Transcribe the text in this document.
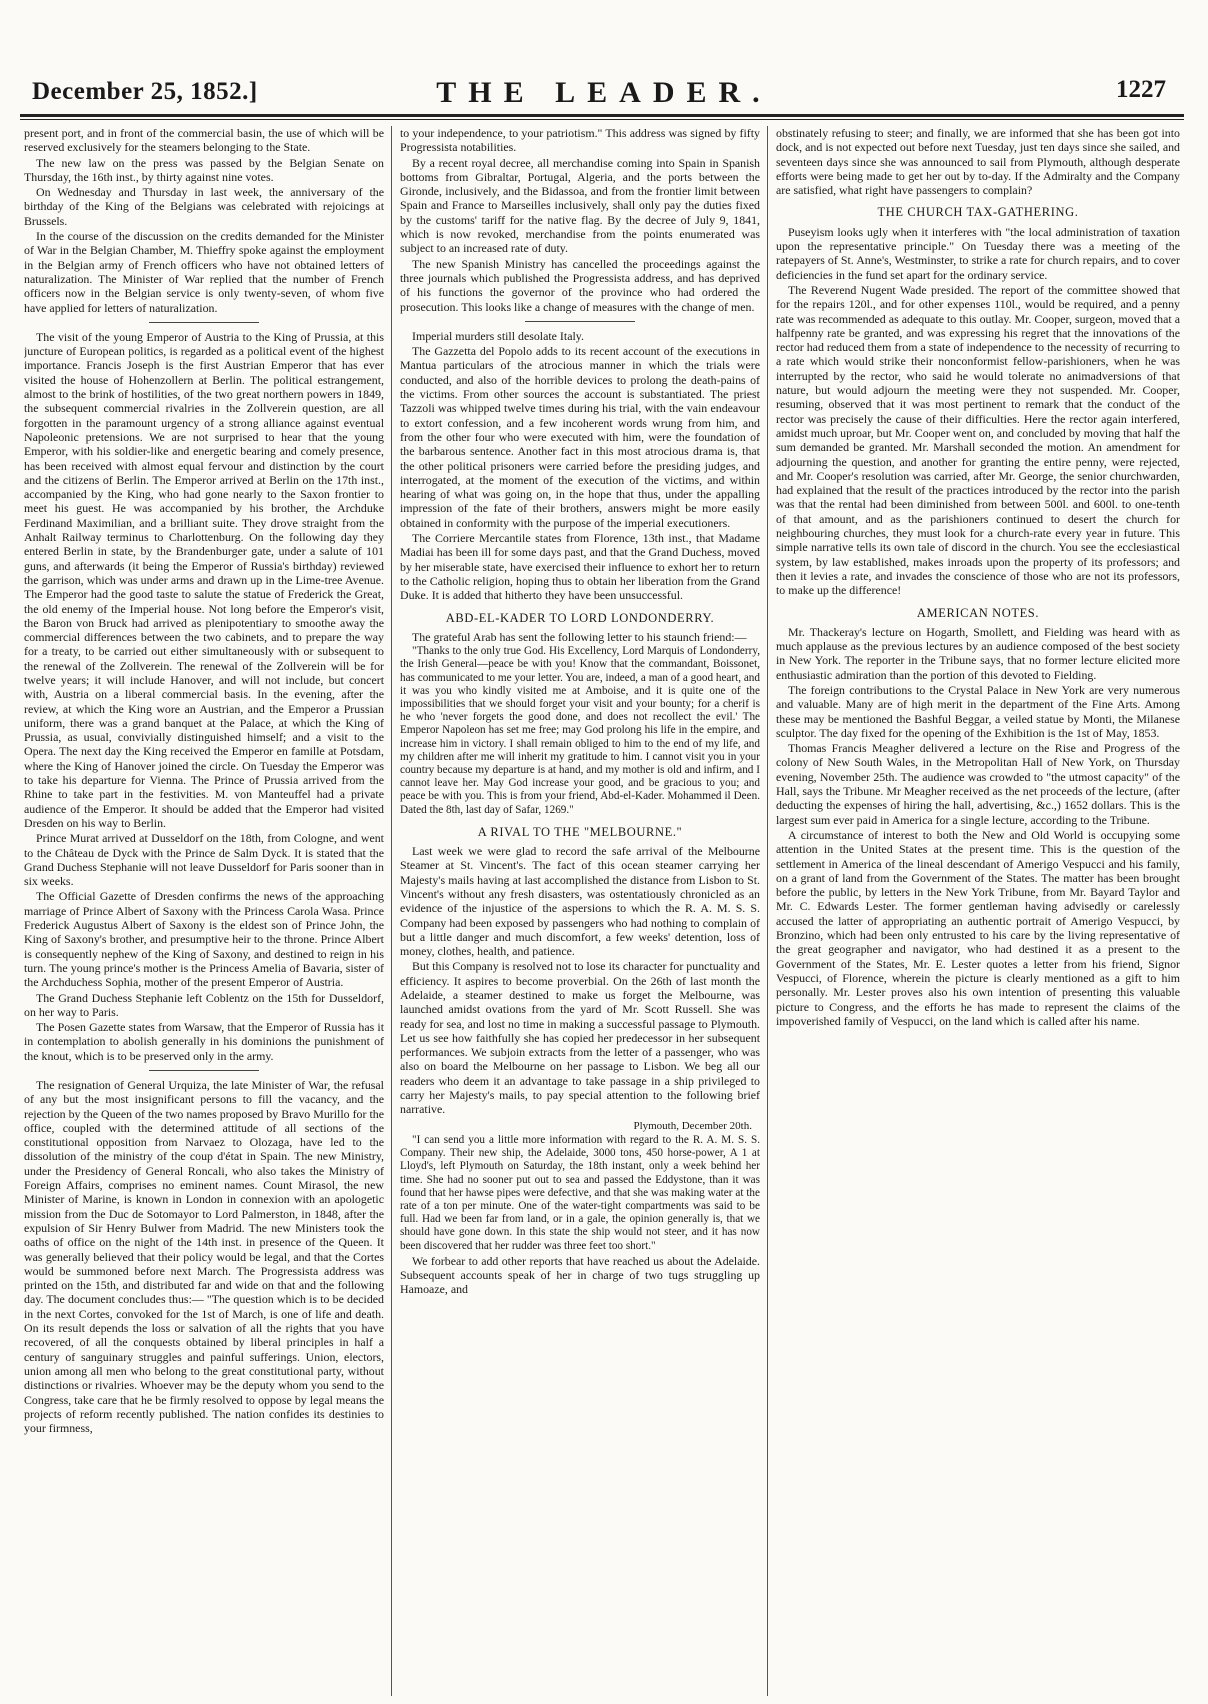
December 25, 1852.]	THE LEADER.	1227

present port, and in front of the commercial basin, the use of which will be reserved exclusively for the steamers belonging to the State.

The new law on the press was passed by the Belgian Senate on Thursday, the 16th inst., by thirty against nine votes.

On Wednesday and Thursday in last week, the anniversary of the birthday of the King of the Belgians was celebrated with rejoicings at Brussels.

In the course of the discussion on the credits demanded for the Minister of War in the Belgian Chamber, M. Thieffry spoke against the employment in the Belgian army of French officers who have not obtained letters of naturalization. The Minister of War replied that the number of French officers now in the Belgian service is only twenty-seven, of whom five have applied for letters of naturalization.

The visit of the young Emperor of Austria to the King of Prussia, at this juncture of European politics, is regarded as a political event of the highest importance. Francis Joseph is the first Austrian Emperor that has ever visited the house of Hohenzollern at Berlin. The political estrangement, almost to the brink of hostilities, of the two great northern powers in 1849, the subsequent commercial rivalries in the Zollverein question, are all forgotten in the paramount urgency of a strong alliance against eventual Napoleonic pretensions. We are not surprised to hear that the young Emperor, with his soldier-like and energetic bearing and comely presence, has been received with almost equal fervour and distinction by the court and the citizens of Berlin. The Emperor arrived at Berlin on the 17th inst., accompanied by the King, who had gone nearly to the Saxon frontier to meet his guest. He was accompanied by his brother, the Archduke Ferdinand Maximilian, and a brilliant suite. They drove straight from the Anhalt Railway terminus to Charlottenburg. On the following day they entered Berlin in state, by the Brandenburger gate, under a salute of 101 guns, and afterwards (it being the Emperor of Russia's birthday) reviewed the garrison, which was under arms and drawn up in the Lime-tree Avenue. The Emperor had the good taste to salute the statue of Frederick the Great, the old enemy of the Imperial house. Not long before the Emperor's visit, the Baron von Bruck had arrived as plenipotentiary to smoothe away the commercial differences between the two cabinets, and to prepare the way for a treaty, to be carried out either simultaneously with or subsequent to the renewal of the Zollverein. The renewal of the Zollverein will be for twelve years; it will include Hanover, and will not include, but concert with, Austria on a liberal commercial basis. In the evening, after the review, at which the King wore an Austrian, and the Emperor a Prussian uniform, there was a grand banquet at the Palace, at which the King of Prussia, as usual, convivially distinguished himself; and a visit to the Opera. The next day the King received the Emperor en famille at Potsdam, where the King of Hanover joined the circle. On Tuesday the Emperor was to take his departure for Vienna. The Prince of Prussia arrived from the Rhine to take part in the festivities. M. von Manteuffel had a private audience of the Emperor. It should be added that the Emperor had visited Dresden on his way to Berlin.

Prince Murat arrived at Dusseldorf on the 18th, from Cologne, and went to the Château de Dyck with the Prince de Salm Dyck. It is stated that the Grand Duchess Stephanie will not leave Dusseldorf for Paris sooner than in six weeks.

The Official Gazette of Dresden confirms the news of the approaching marriage of Prince Albert of Saxony with the Princess Carola Wasa. Prince Frederick Augustus Albert of Saxony is the eldest son of Prince John, the King of Saxony's brother, and presumptive heir to the throne. Prince Albert is consequently nephew of the King of Saxony, and destined to reign in his turn. The young prince's mother is the Princess Amelia of Bavaria, sister of the Archduchess Sophia, mother of the present Emperor of Austria.

The Grand Duchess Stephanie left Coblentz on the 15th for Dusseldorf, on her way to Paris.

The Posen Gazette states from Warsaw, that the Emperor of Russia has it in contemplation to abolish generally in his dominions the punishment of the knout, which is to be preserved only in the army.

The resignation of General Urquiza, the late Minister of War, the refusal of any but the most insignificant persons to fill the vacancy, and the rejection by the Queen of the two names proposed by Bravo Murillo for the office, coupled with the determined attitude of all sections of the constitutional opposition from Narvaez to Olozaga, have led to the dissolution of the ministry of the coup d'état in Spain. The new Ministry, under the Presidency of General Roncali, who also takes the Ministry of Foreign Affairs, comprises no eminent names. Count Mirasol, the new Minister of Marine, is known in London in connexion with an apologetic mission from the Duc de Sotomayor to Lord Palmerston, in 1848, after the expulsion of Sir Henry Bulwer from Madrid. The new Ministers took the oaths of office on the night of the 14th inst. in presence of the Queen. It was generally believed that their policy would be legal, and that the Cortes would be summoned before next March. The Progressista address was printed on the 15th, and distributed far and wide on that and the following day. The document concludes thus:— "The question which is to be decided in the next Cortes, convoked for the 1st of March, is one of life and death. On its result depends the loss or salvation of all the rights that you have recovered, of all the conquests obtained by liberal principles in half a century of sanguinary struggles and painful sufferings. Union, electors, union among all men who belong to the great constitutional party, without distinctions or rivalries. Whoever may be the deputy whom you send to the Congress, take care that he be firmly resolved to oppose by legal means the projects of reform recently published. The nation confides its destinies to your firmness,

to your independence, to your patriotism." This address was signed by fifty Progressista notabilities.

By a recent royal decree, all merchandise coming into Spain in Spanish bottoms from Gibraltar, Portugal, Algeria, and the ports between the Gironde, inclusively, and the Bidassoa, and from the frontier limit between Spain and France to Marseilles inclusively, shall only pay the duties fixed by the customs' tariff for the native flag. By the decree of July 9, 1841, which is now revoked, merchandise from the points enumerated was subject to an increased rate of duty.

The new Spanish Ministry has cancelled the proceedings against the three journals which published the Progressista address, and has deprived of his functions the governor of the province who had ordered the prosecution. This looks like a change of measures with the change of men.

Imperial murders still desolate Italy.

The Gazzetta del Popolo adds to its recent account of the executions in Mantua particulars of the atrocious manner in which the trials were conducted, and also of the horrible devices to prolong the death-pains of the victims. From other sources the account is substantiated. The priest Tazzoli was whipped twelve times during his trial, with the vain endeavour to extort confession, and a few incoherent words wrung from him, and from the other four who were executed with him, were the foundation of the barbarous sentence. Another fact in this most atrocious drama is, that the other political prisoners were carried before the presiding judges, and interrogated, at the moment of the execution of the victims, and within hearing of what was going on, in the hope that thus, under the appalling impression of the fate of their brothers, answers might be more easily obtained in conformity with the purpose of the imperial executioners.

The Corriere Mercantile states from Florence, 13th inst., that Madame Madiai has been ill for some days past, and that the Grand Duchess, moved by her miserable state, have exercised their influence to exhort her to return to the Catholic religion, hoping thus to obtain her liberation from the Grand Duke. It is added that hitherto they have been unsuccessful.

ABD-EL-KADER TO LORD LONDONDERRY.

The grateful Arab has sent the following letter to his staunch friend:—

"Thanks to the only true God. His Excellency, Lord Marquis of Londonderry, the Irish General—peace be with you! Know that the commandant, Boissonet, has communicated to me your letter. You are, indeed, a man of a good heart, and it was you who kindly visited me at Amboise, and it is quite one of the impossibilities that we should forget your visit and your bounty; for a cherif is he who 'never forgets the good done, and does not recollect the evil.' The Emperor Napoleon has set me free; may God prolong his life in the empire, and increase him in victory. I shall remain obliged to him to the end of my life, and my children after me will inherit my gratitude to him. I cannot visit you in your country because my departure is at hand, and my mother is old and infirm, and I cannot leave her. May God increase your good, and be gracious to you; and peace be with you. This is from your friend, Abd-el-Kader. Mohammed il Deen. Dated the 8th, last day of Safar, 1269."

A RIVAL TO THE "MELBOURNE."

Last week we were glad to record the safe arrival of the Melbourne Steamer at St. Vincent's. The fact of this ocean steamer carrying her Majesty's mails having at last accomplished the distance from Lisbon to St. Vincent's without any fresh disasters, was ostentatiously chronicled as an evidence of the injustice of the aspersions to which the R. A. M. S. S. Company had been exposed by passengers who had nothing to complain of but a little danger and much discomfort, a few weeks' detention, loss of money, clothes, health, and patience.

But this Company is resolved not to lose its character for punctuality and efficiency. It aspires to become proverbial. On the 26th of last month the Adelaide, a steamer destined to make us forget the Melbourne, was launched amidst ovations from the yard of Mr. Scott Russell. She was ready for sea, and lost no time in making a successful passage to Plymouth. Let us see how faithfully she has copied her predecessor in her subsequent performances. We subjoin extracts from the letter of a passenger, who was also on board the Melbourne on her passage to Lisbon. We beg all our readers who deem it an advantage to take passage in a ship privileged to carry her Majesty's mails, to pay special attention to the following brief narrative.

Plymouth, December 20th.

"I can send you a little more information with regard to the R. A. M. S. S. Company. Their new ship, the Adelaide, 3000 tons, 450 horse-power, A 1 at Lloyd's, left Plymouth on Saturday, the 18th instant, only a week behind her time. She had no sooner put out to sea and passed the Eddystone, than it was found that her hawse pipes were defective, and that she was making water at the rate of a ton per minute. One of the water-tight compartments was said to be full. Had we been far from land, or in a gale, the opinion generally is, that we should have gone down. In this state the ship would not steer, and it has now been discovered that her rudder was three feet too short."

We forbear to add other reports that have reached us about the Adelaide. Subsequent accounts speak of her in charge of two tugs struggling up Hamoaze, and

obstinately refusing to steer; and finally, we are informed that she has been got into dock, and is not expected out before next Tuesday, just ten days since she sailed, and seventeen days since she was announced to sail from Plymouth, although desperate efforts were being made to get her out by to-day. If the Admiralty and the Company are satisfied, what right have passengers to complain?

THE CHURCH TAX-GATHERING.

Puseyism looks ugly when it interferes with "the local administration of taxation upon the representative principle." On Tuesday there was a meeting of the ratepayers of St. Anne's, Westminster, to strike a rate for church repairs, and to cover deficiencies in the fund set apart for the ordinary service.

The Reverend Nugent Wade presided. The report of the committee showed that for the repairs 120l., and for other expenses 110l., would be required, and a penny rate was recommended as adequate to this outlay. Mr. Cooper, surgeon, moved that a halfpenny rate be granted, and was expressing his regret that the innovations of the rector had reduced them from a state of independence to the necessity of recurring to a rate which would strike their nonconformist fellow-parishioners, when he was interrupted by the rector, who said he would tolerate no animadversions of that nature, but would adjourn the meeting were they not suspended. Mr. Cooper, resuming, observed that it was most pertinent to remark that the conduct of the rector was precisely the cause of their difficulties. Here the rector again interfered, amidst much uproar, but Mr. Cooper went on, and concluded by moving that half the sum demanded be granted. Mr. Marshall seconded the motion. An amendment for adjourning the question, and another for granting the entire penny, were rejected, and Mr. Cooper's resolution was carried, after Mr. George, the senior churchwarden, had explained that the result of the practices introduced by the rector into the parish was that the rental had been diminished from between 500l. and 600l. to one-tenth of that amount, and as the parishioners continued to desert the church for neighbouring churches, they must look for a church-rate every year in future. This simple narrative tells its own tale of discord in the church. You see the ecclesiastical system, by law established, makes inroads upon the property of its professors; and then it levies a rate, and invades the conscience of those who are not its professors, to make up the difference!

AMERICAN NOTES.

Mr. Thackeray's lecture on Hogarth, Smollett, and Fielding was heard with as much applause as the previous lectures by an audience composed of the best society in New York. The reporter in the Tribune says, that no former lecture elicited more enthusiastic admiration than the portion of this devoted to Fielding.

The foreign contributions to the Crystal Palace in New York are very numerous and valuable. Many are of high merit in the department of the Fine Arts. Among these may be mentioned the Bashful Beggar, a veiled statue by Monti, the Milanese sculptor. The day fixed for the opening of the Exhibition is the 1st of May, 1853.

Thomas Francis Meagher delivered a lecture on the Rise and Progress of the colony of New South Wales, in the Metropolitan Hall of New York, on Thursday evening, November 25th. The audience was crowded to "the utmost capacity" of the Hall, says the Tribune. Mr Meagher received as the net proceeds of the lecture, (after deducting the expenses of hiring the hall, advertising, &c.,) 1652 dollars. This is the largest sum ever paid in America for a single lecture, according to the Tribune.

A circumstance of interest to both the New and Old World is occupying some attention in the United States at the present time. This is the question of the settlement in America of the lineal descendant of Amerigo Vespucci and his family, on a grant of land from the Government of the States. The matter has been brought before the public, by letters in the New York Tribune, from Mr. Bayard Taylor and Mr. C. Edwards Lester. The former gentleman having advisedly or carelessly accused the latter of appropriating an authentic portrait of Amerigo Vespucci, by Bronzino, which had been only entrusted to his care by the living representative of the great geographer and navigator, who had destined it as a present to the Government of the States, Mr. E. Lester quotes a letter from his friend, Signor Vespucci, of Florence, wherein the picture is clearly mentioned as a gift to him personally. Mr. Lester proves also his own intention of presenting this valuable picture to Congress, and the efforts he has made to represent the claims of the impoverished family of Vespucci, on the land which is called after his name.
